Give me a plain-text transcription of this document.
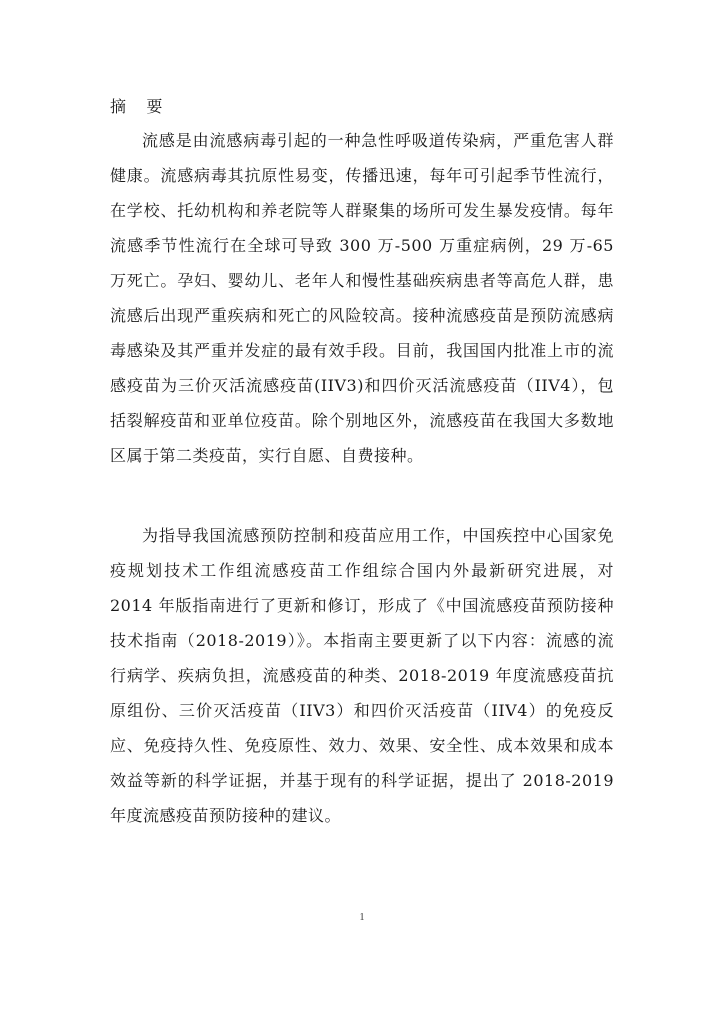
摘    要

流感是由流感病毒引起的一种急性呼吸道传染病，严重危害人群健康。流感病毒其抗原性易变，传播迅速，每年可引起季节性流行，在学校、托幼机构和养老院等人群聚集的场所可发生暴发疫情。每年流感季节性流行在全球可导致 300 万-500 万重症病例，29 万-65 万死亡。孕妇、婴幼儿、老年人和慢性基础疾病患者等高危人群，患流感后出现严重疾病和死亡的风险较高。接种流感疫苗是预防流感病毒感染及其严重并发症的最有效手段。目前，我国国内批准上市的流感疫苗为三价灭活流感疫苗(IIV3)和四价灭活流感疫苗（IIV4），包括裂解疫苗和亚单位疫苗。除个别地区外，流感疫苗在我国大多数地区属于第二类疫苗，实行自愿、自费接种。

为指导我国流感预防控制和疫苗应用工作，中国疾控中心国家免疫规划技术工作组流感疫苗工作组综合国内外最新研究进展，对 2014 年版指南进行了更新和修订，形成了《中国流感疫苗预防接种技术指南（2018-2019）》。本指南主要更新了以下内容：流感的流行病学、疾病负担，流感疫苗的种类、2018-2019 年度流感疫苗抗原组份、三价灭活疫苗（IIV3）和四价灭活疫苗（IIV4）的免疫反应、免疫持久性、免疫原性、效力、效果、安全性、成本效果和成本效益等新的科学证据，并基于现有的科学证据，提出了 2018-2019 年度流感疫苗预防接种的建议。

1
